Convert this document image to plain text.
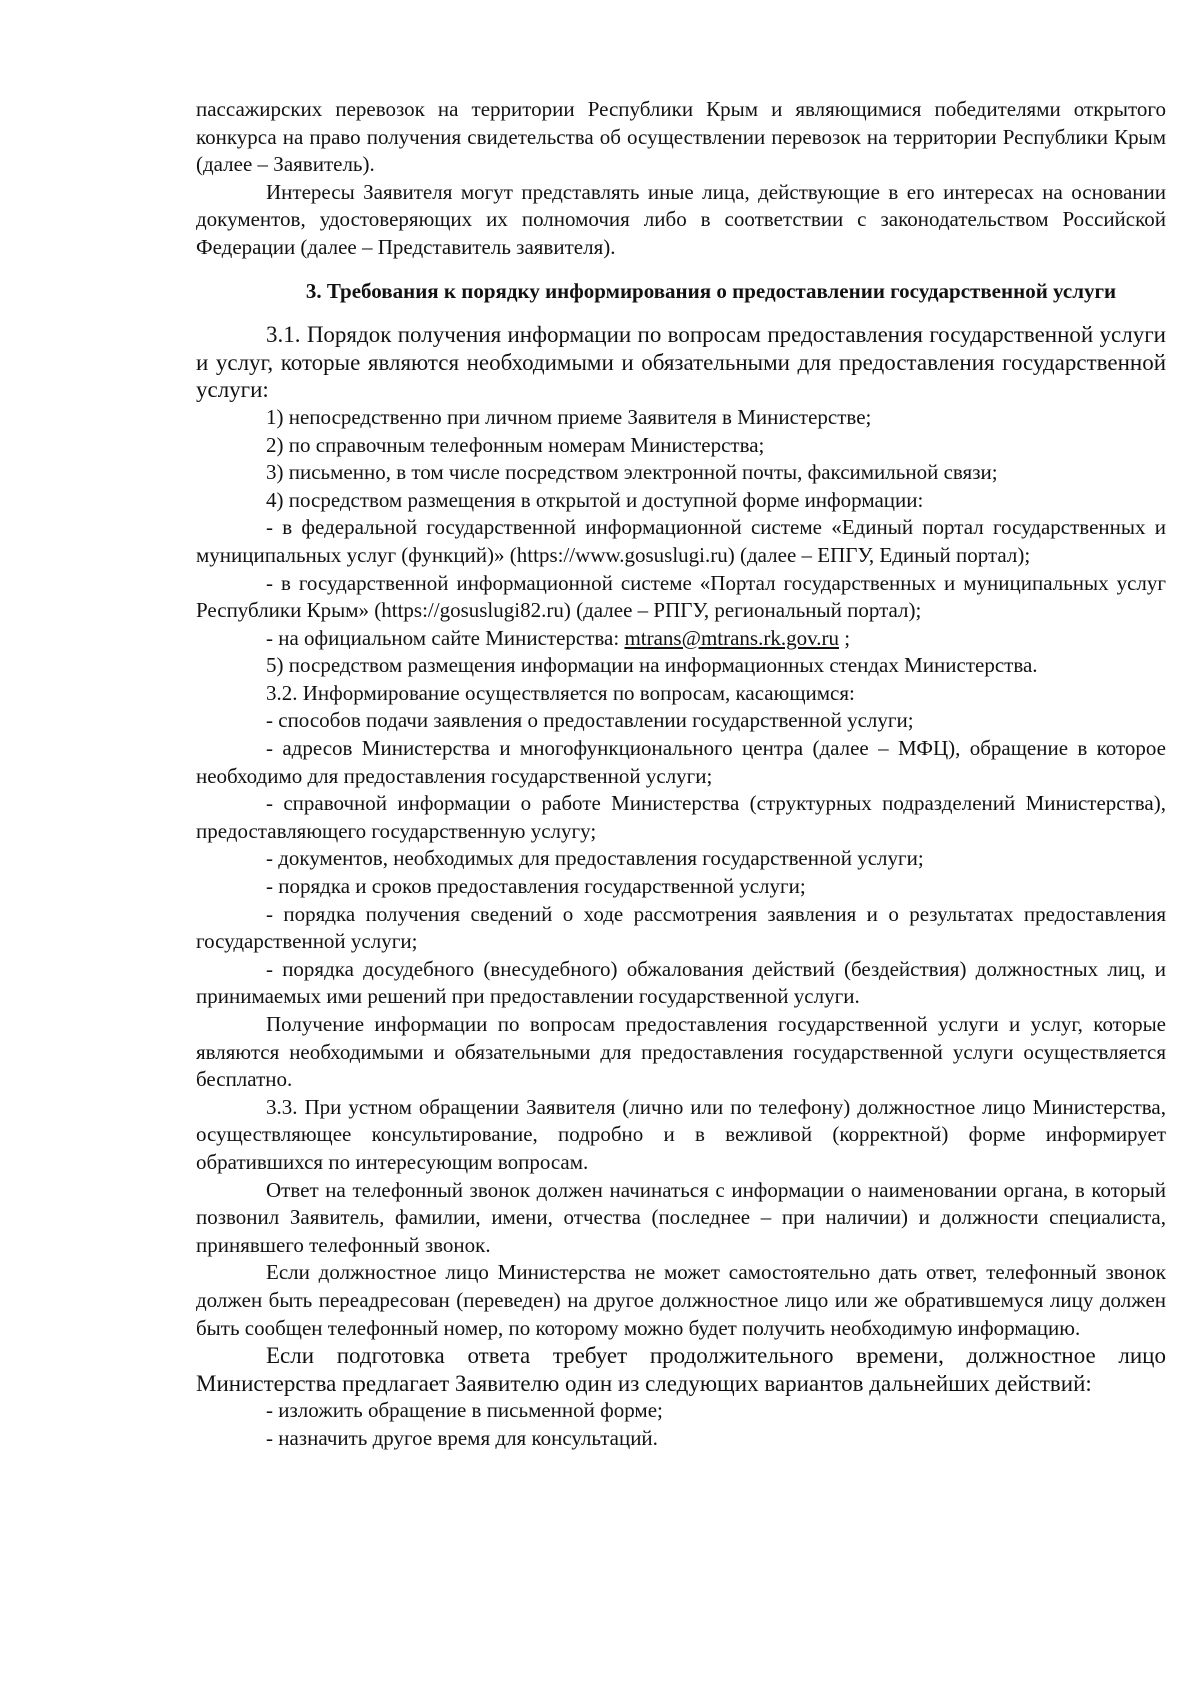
пассажирских перевозок на территории Республики Крым и являющимися победителями открытого конкурса на право получения свидетельства об осуществлении перевозок на территории Республики Крым (далее – Заявитель).

Интересы Заявителя могут представлять иные лица, действующие в его интересах на основании документов, удостоверяющих их полномочия либо в соответствии с законодательством Российской Федерации (далее – Представитель заявителя).

3. Требования к порядку информирования о предоставлении государственной услуги

3.1. Порядок получения информации по вопросам предоставления государственной услуги и услуг, которые являются необходимыми и обязательными для предоставления государственной услуги:

1) непосредственно при личном приеме Заявителя в Министерстве;

2) по справочным телефонным номерам Министерства;

3) письменно, в том числе посредством электронной почты, факсимильной связи;

4) посредством размещения в открытой и доступной форме информации:

- в федеральной государственной информационной системе «Единый портал государственных и муниципальных услуг (функций)» (https://www.gosuslugi.ru) (далее – ЕПГУ, Единый портал);

- в государственной информационной системе «Портал государственных и муниципальных услуг Республики Крым» (https://gosuslugi82.ru) (далее – РПГУ, региональный портал);

- на официальном сайте Министерства: mtrans@mtrans.rk.gov.ru ;

5) посредством размещения информации на информационных стендах Министерства.

3.2. Информирование осуществляется по вопросам, касающимся:

- способов подачи заявления о предоставлении государственной услуги;

- адресов Министерства и многофункционального центра (далее – МФЦ), обращение в которое необходимо для предоставления государственной услуги;

- справочной информации о работе Министерства (структурных подразделений Министерства), предоставляющего государственную услугу;

- документов, необходимых для предоставления государственной услуги;

- порядка и сроков предоставления государственной услуги;

- порядка получения сведений о ходе рассмотрения заявления и о результатах предоставления государственной услуги;

- порядка досудебного (внесудебного) обжалования действий (бездействия) должностных лиц, и принимаемых ими решений при предоставлении государственной услуги.

Получение информации по вопросам предоставления государственной услуги и услуг, которые являются необходимыми и обязательными для предоставления государственной услуги осуществляется бесплатно.

3.3. При устном обращении Заявителя (лично или по телефону) должностное лицо Министерства, осуществляющее консультирование, подробно и в вежливой (корректной) форме информирует обратившихся по интересующим вопросам.

Ответ на телефонный звонок должен начинаться с информации о наименовании органа, в который позвонил Заявитель, фамилии, имени, отчества (последнее – при наличии) и должности специалиста, принявшего телефонный звонок.

Если должностное лицо Министерства не может самостоятельно дать ответ, телефонный звонок должен быть переадресован (переведен) на другое должностное лицо или же обратившемуся лицу должен быть сообщен телефонный номер, по которому можно будет получить необходимую информацию.

Если подготовка ответа требует продолжительного времени, должностное лицо Министерства предлагает Заявителю один из следующих вариантов дальнейших действий:

- изложить обращение в письменной форме;

- назначить другое время для консультаций.
